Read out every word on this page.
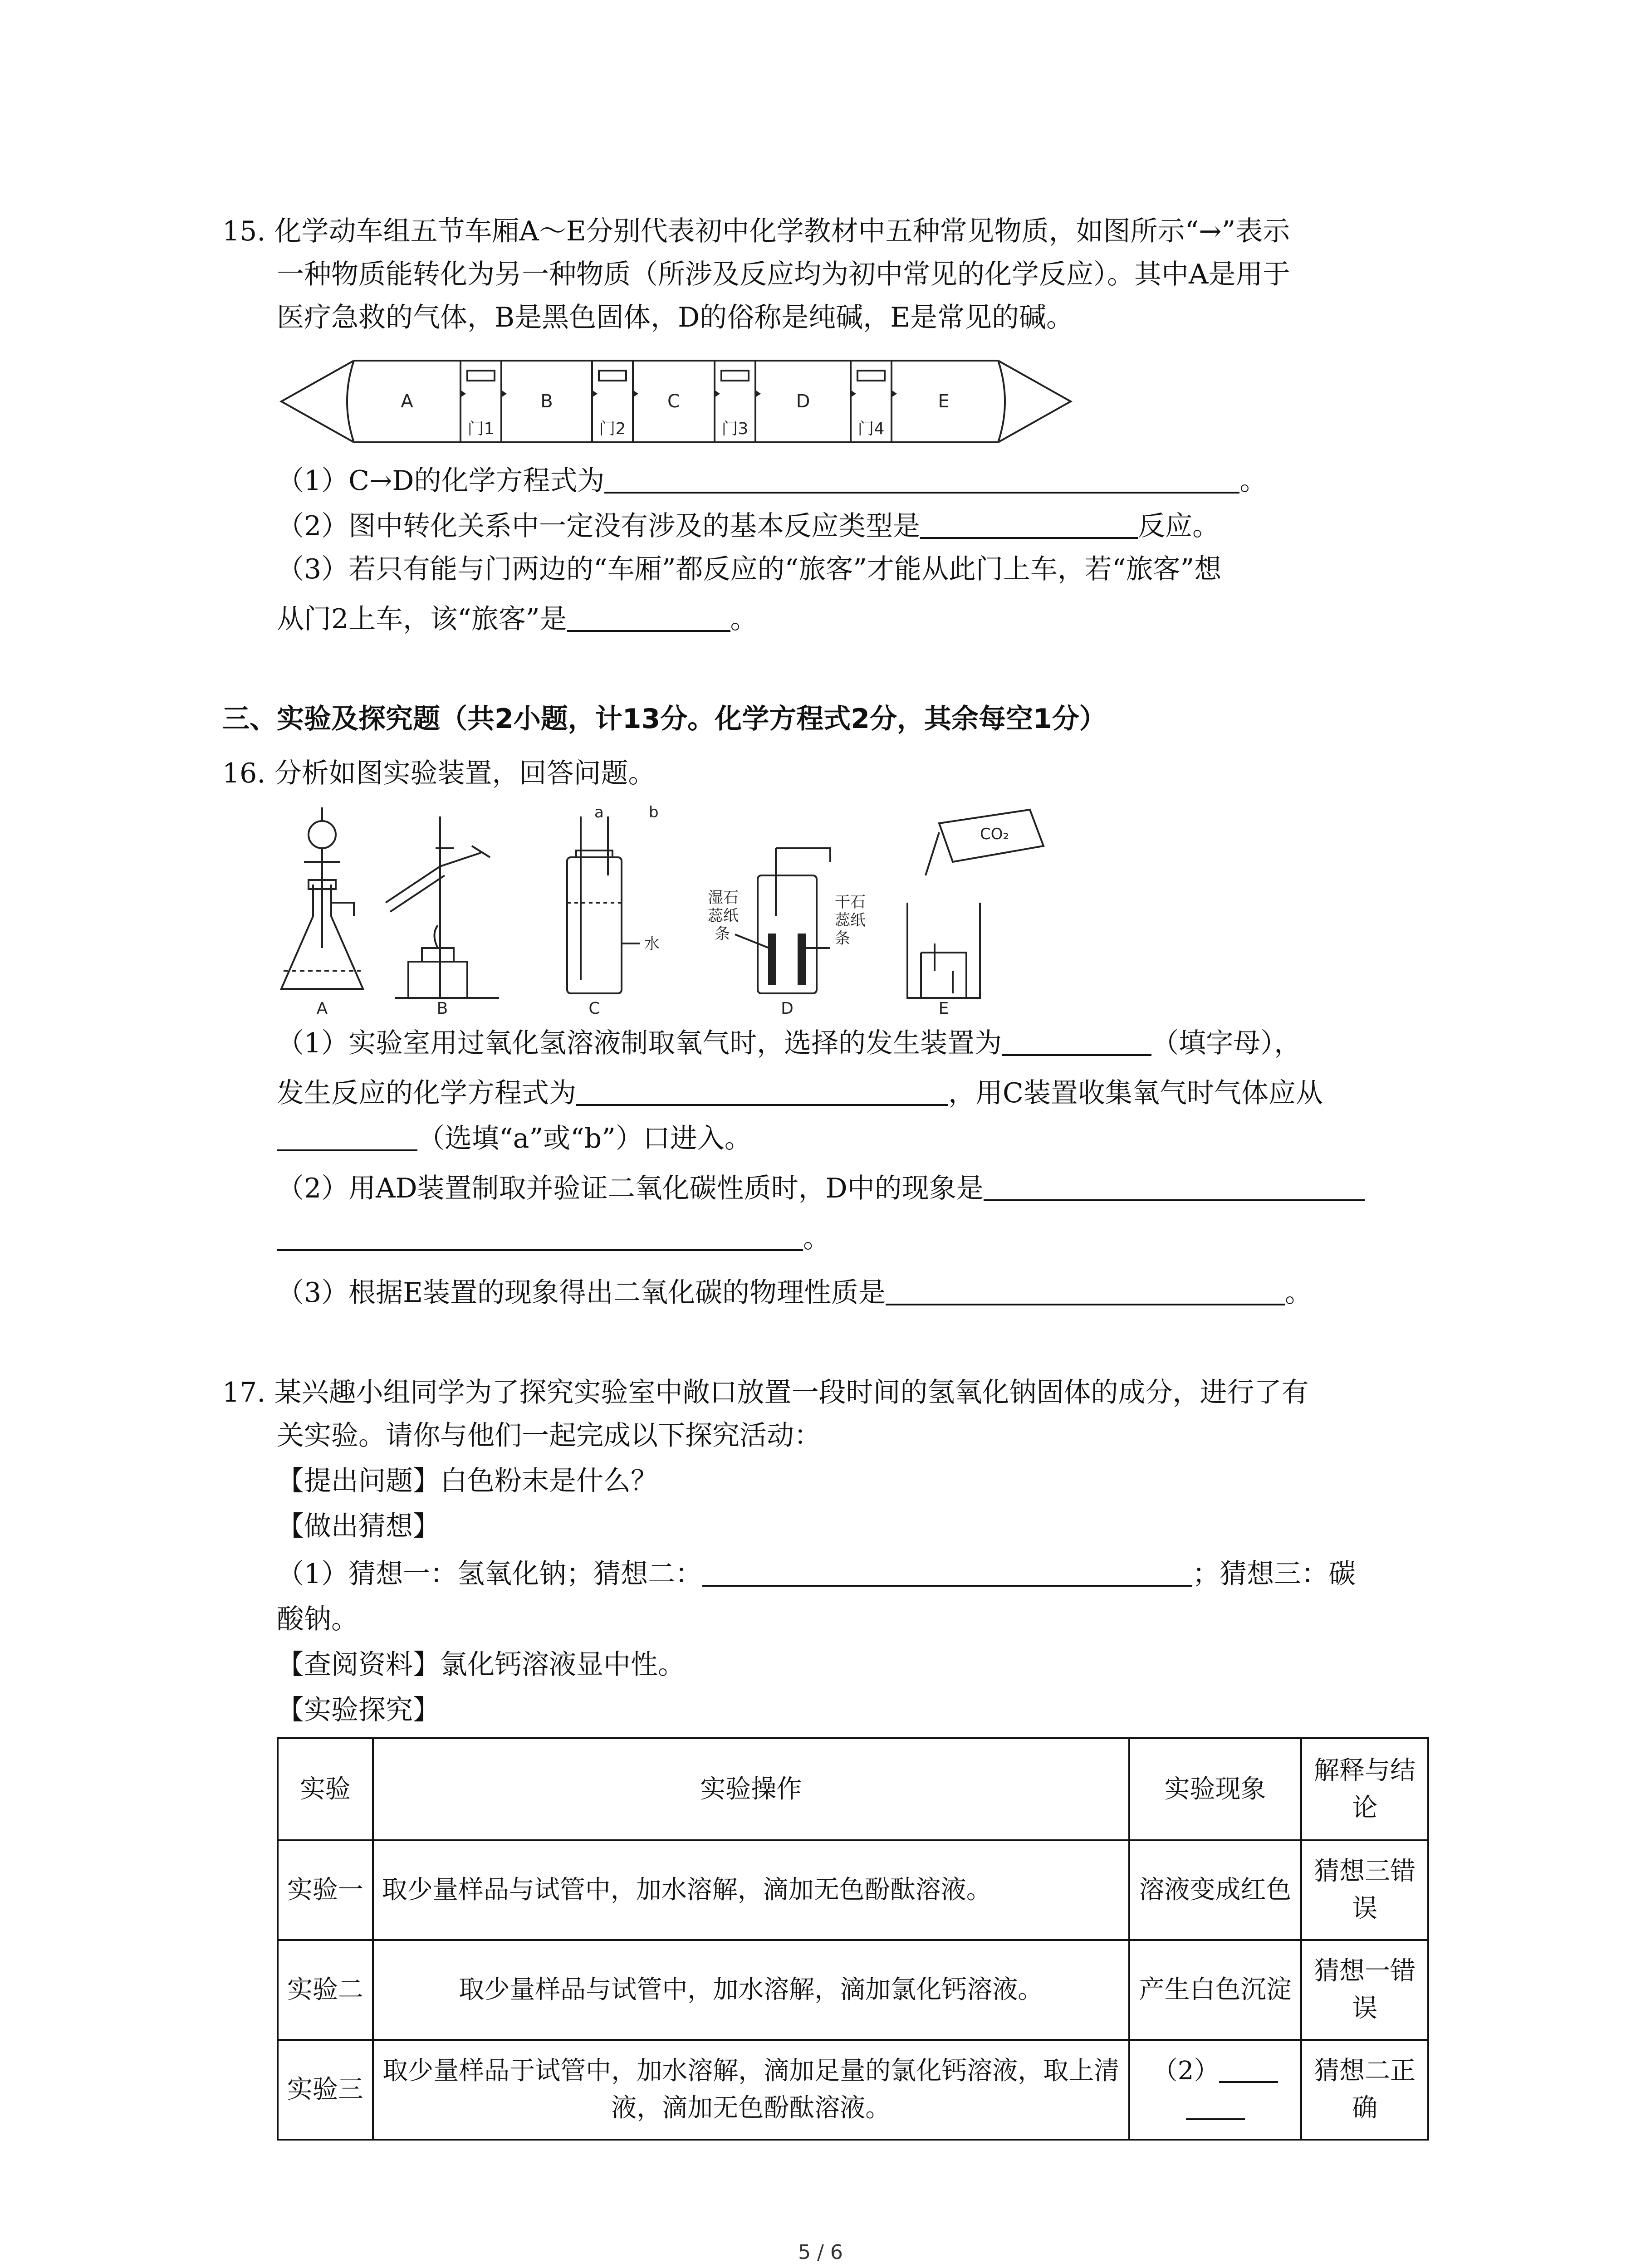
15. 化学动车组五节车厢A～E分别代表初中化学教材中五种常见物质，如图所示“→”表示
一种物质能转化为另一种物质（所涉及反应均为初中常见的化学反应）。其中A是用于
医疗急救的气体，B是黑色固体，D的俗称是纯碱，E是常见的碱。
A	B	C	D	E
门1	门2	门3	门4
（1）C→D的化学方程式为	。
（2）图中转化关系中一定没有涉及的基本反应类型是	反应。
（3）若只有能与门两边的“车厢”都反应的“旅客”才能从此门上车，若“旅客”想
从门2上车，该“旅客”是	。
三、实验及探究题（共2小题，计13分。化学方程式2分，其余每空1分）
16. 分析如图实验装置，回答问题。
a	b
水
湿石
蕊纸
条
干石
蕊纸
条
CO₂
A	B	C	D	E
（1）实验室用过氧化氢溶液制取氧气时，选择的发生装置为	（填字母），
发生反应的化学方程式为	，用C装置收集氧气时气体应从
（选填“a”或“b”）口进入。
（2）用AD装置制取并验证二氧化碳性质时，D中的现象是
。
（3）根据E装置的现象得出二氧化碳的物理性质是	。
17. 某兴趣小组同学为了探究实验室中敞口放置一段时间的氢氧化钠固体的成分，进行了有
关实验。请你与他们一起完成以下探究活动：
【提出问题】白色粉末是什么？
【做出猜想】
（1）猜想一：氢氧化钠；猜想二：	；猜想三：碳
酸钠。
【查阅资料】氯化钙溶液显中性。
【实验探究】
实验	实验操作	实验现象	解释与结论
实验一	取少量样品与试管中，加水溶解，滴加无色酚酞溶液。	溶液变成红色	猜想三错误
实验二	取少量样品与试管中，加水溶解，滴加氯化钙溶液。	产生白色沉淀	猜想一错误
实验三	取少量样品于试管中，加水溶解，滴加足量的氯化钙溶液，取上清液，滴加无色酚酞溶液。	（2）	猜想二正确
5 / 6
